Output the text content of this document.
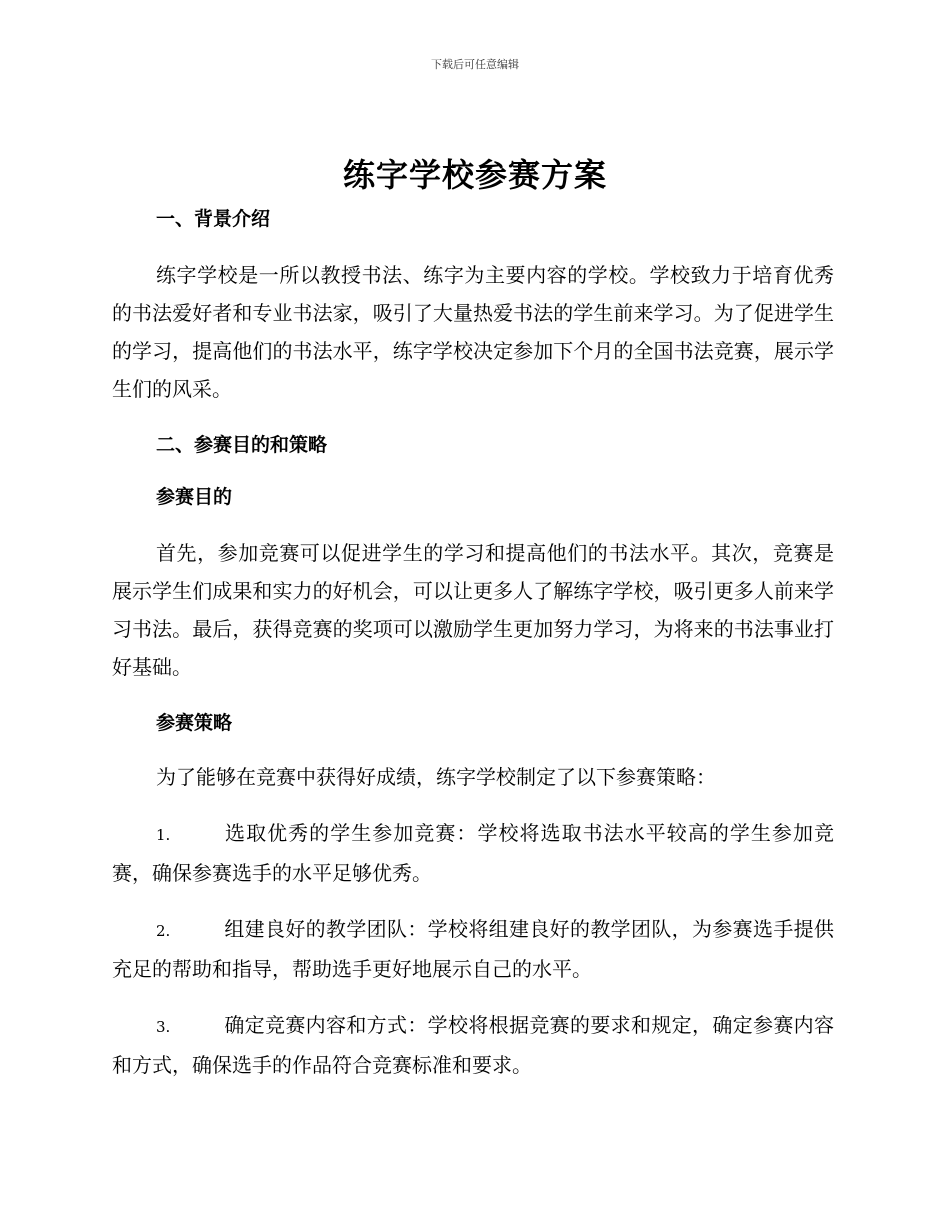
下载后可任意编辑
练字学校参赛方案
一、背景介绍
练字学校是一所以教授书法、练字为主要内容的学校。学校致力于培育优秀的书法爱好者和专业书法家，吸引了大量热爱书法的学生前来学习。为了促进学生的学习，提高他们的书法水平，练字学校决定参加下个月的全国书法竞赛，展示学生们的风采。
二、参赛目的和策略
参赛目的
首先，参加竞赛可以促进学生的学习和提高他们的书法水平。其次，竞赛是展示学生们成果和实力的好机会，可以让更多人了解练字学校，吸引更多人前来学习书法。最后，获得竞赛的奖项可以激励学生更加努力学习，为将来的书法事业打好基础。
参赛策略
为了能够在竞赛中获得好成绩，练字学校制定了以下参赛策略：
1.	选取优秀的学生参加竞赛：学校将选取书法水平较高的学生参加竞赛，确保参赛选手的水平足够优秀。
2.	组建良好的教学团队：学校将组建良好的教学团队，为参赛选手提供充足的帮助和指导，帮助选手更好地展示自己的水平。
3.	确定竞赛内容和方式：学校将根据竞赛的要求和规定，确定参赛内容和方式，确保选手的作品符合竞赛标准和要求。
